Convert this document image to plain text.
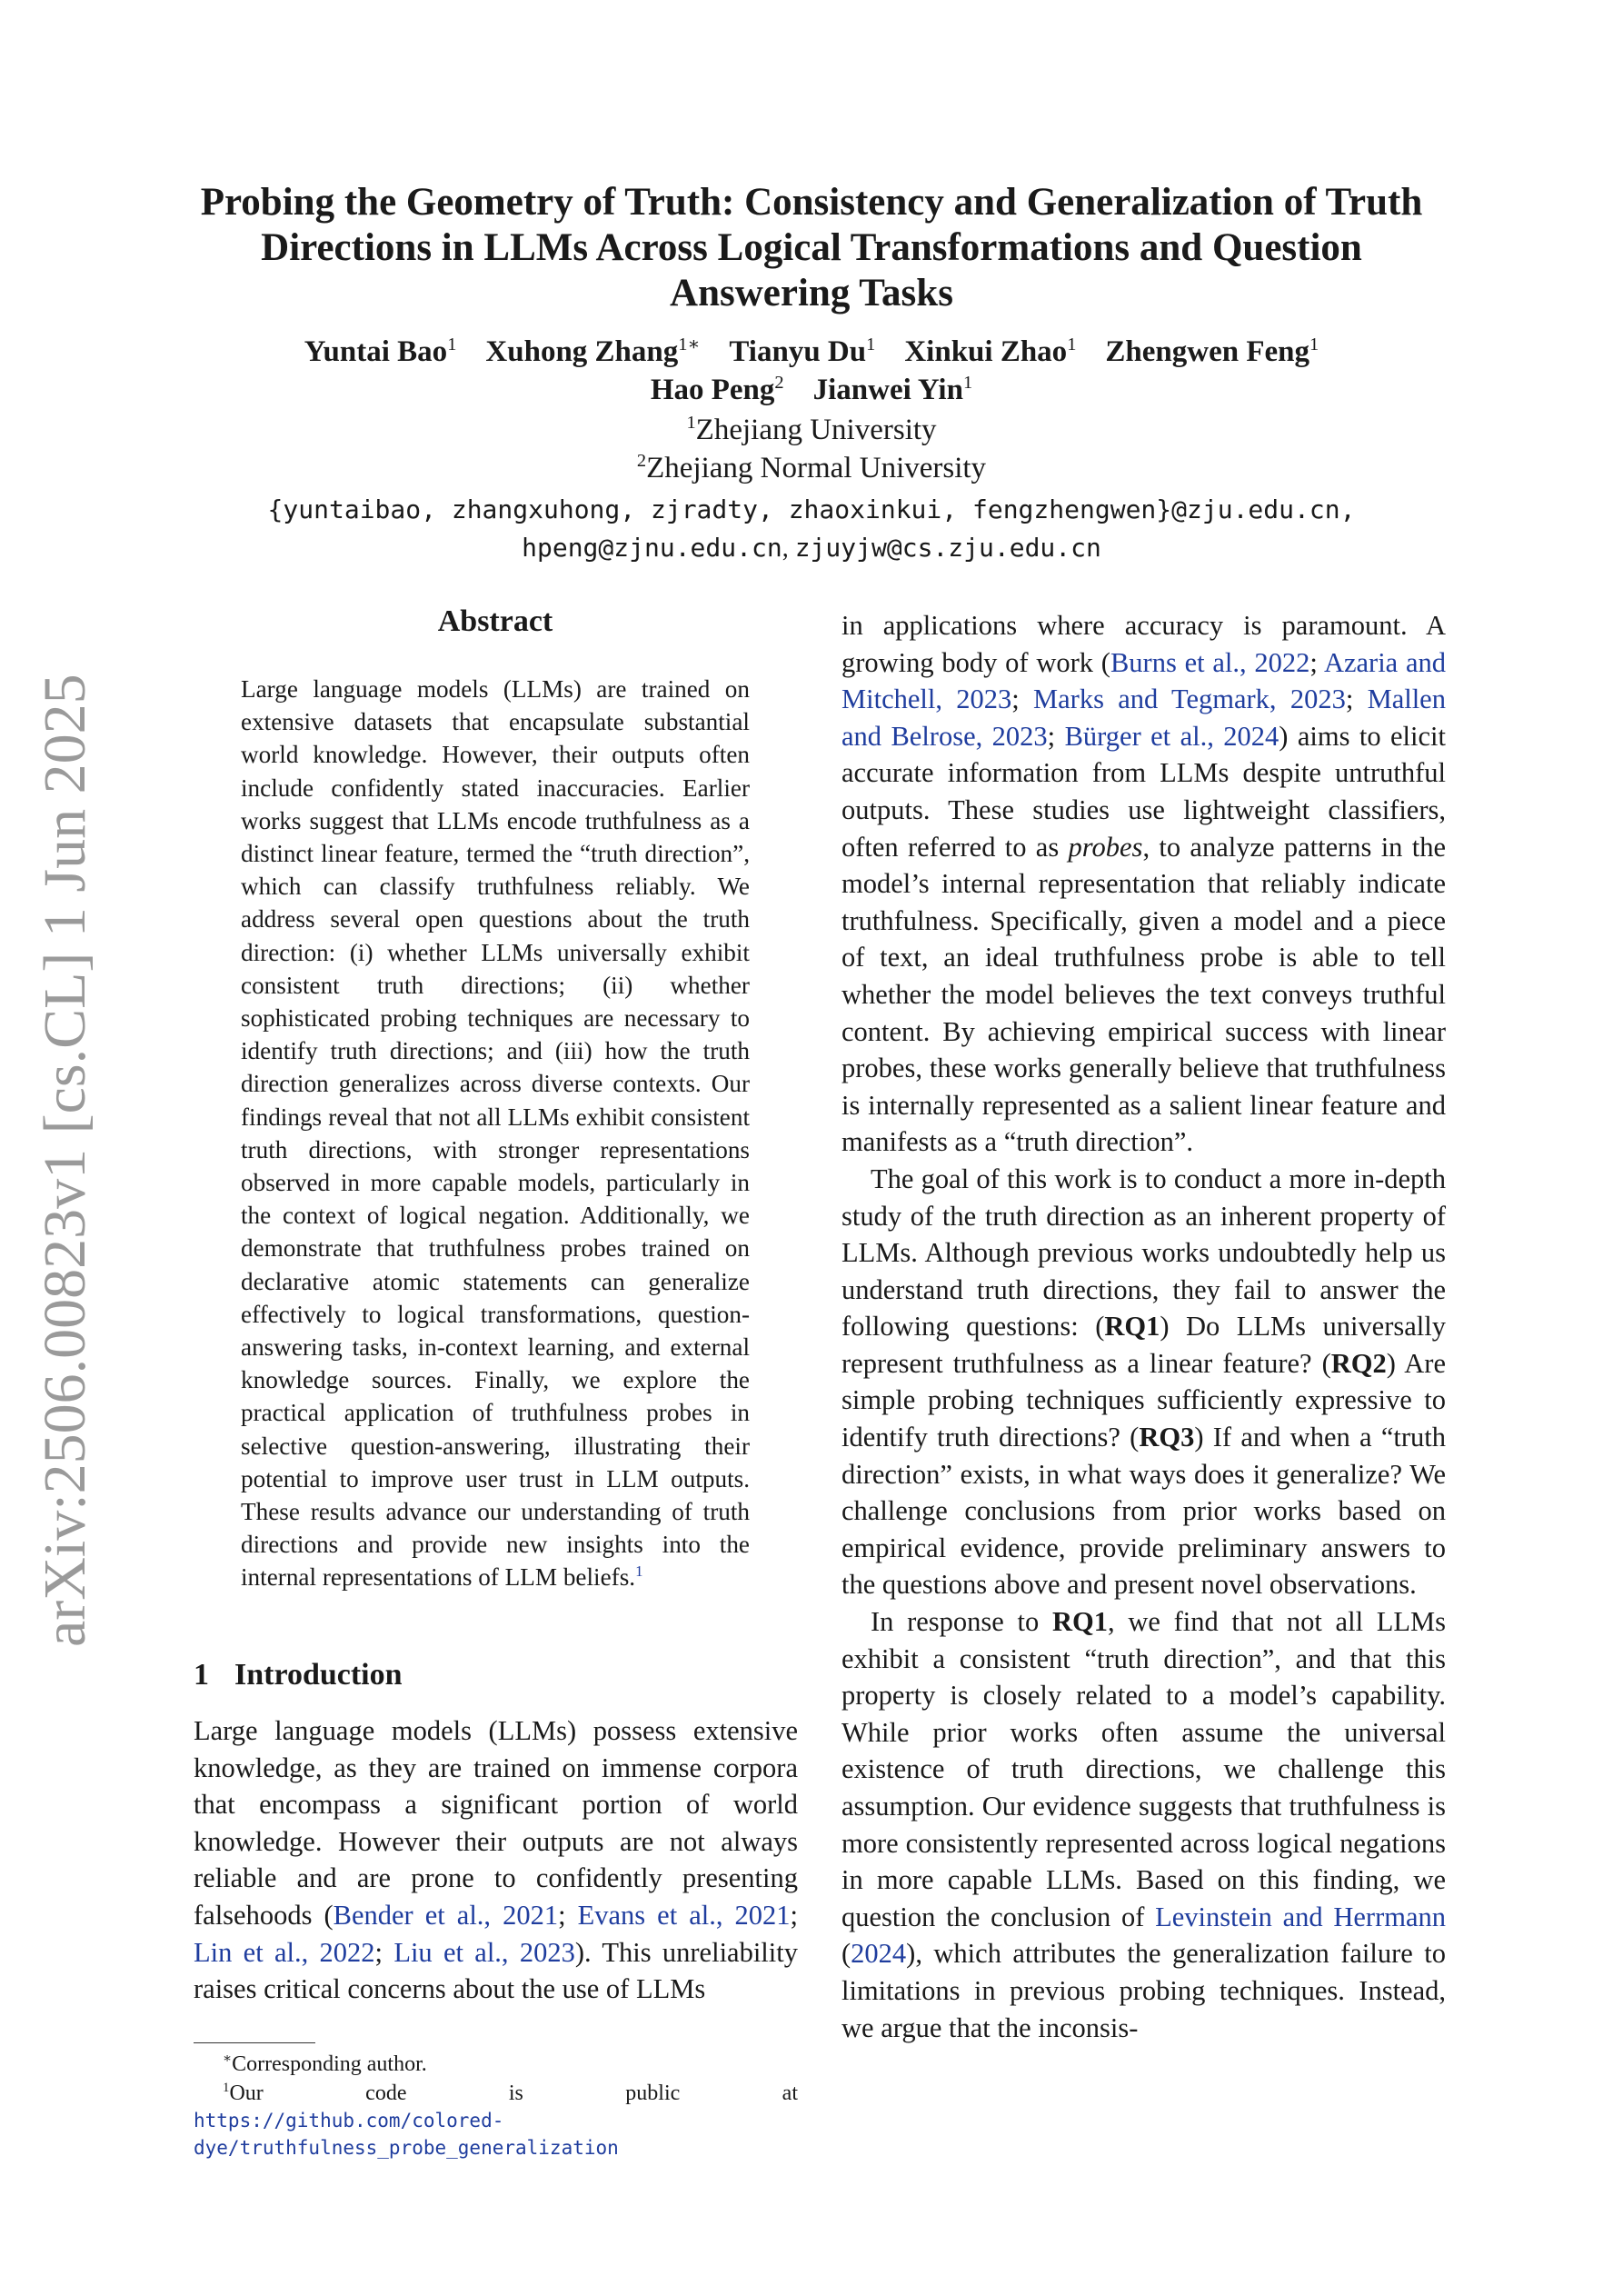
arXiv:2506.00823v1 [cs.CL] 1 Jun 2025
Probing the Geometry of Truth: Consistency and Generalization of Truth Directions in LLMs Across Logical Transformations and Question Answering Tasks
Yuntai Bao$^1$ Xuhong Zhang$^{1∗}$ Tianyu Du$^1$ Xinkui Zhao$^1$ Zhengwen Feng$^1$
Hao Peng$^2$ Jianwei Yin$^1$
$^1$Zhejiang University
$^2$Zhejiang Normal University
{yuntaibao, zhangxuhong, zjradty, zhaoxinkui, fengzhengwen}@zju.edu.cn,
hpeng@zjnu.edu.cn, zjuyjw@cs.zju.edu.cn
Abstract
Large language models (LLMs) are trained on extensive datasets that encapsulate substantial world knowledge. However, their outputs often include confidently stated inaccuracies. Earlier works suggest that LLMs encode truthfulness as a distinct linear feature, termed the “truth direction”, which can classify truthfulness reliably. We address several open questions about the truth direction: (i) whether LLMs universally exhibit consistent truth directions; (ii) whether sophisticated probing techniques are necessary to identify truth directions; and (iii) how the truth direction generalizes across diverse contexts. Our findings reveal that not all LLMs exhibit consistent truth directions, with stronger representations observed in more capable models, particularly in the context of logical negation. Additionally, we demonstrate that truthfulness probes trained on declarative atomic statements can generalize effectively to logical transformations, question-answering tasks, in-context learning, and external knowledge sources. Finally, we explore the practical application of truthfulness probes in selective question-answering, illustrating their potential to improve user trust in LLM outputs. These results advance our understanding of truth directions and provide new insights into the internal representations of LLM beliefs.$^1$
1 Introduction
Large language models (LLMs) possess extensive knowledge, as they are trained on immense corpora that encompass a significant portion of world knowledge. However their outputs are not always reliable and are prone to confidently presenting falsehoods (Bender et al., 2021; Evans et al., 2021; Lin et al., 2022; Liu et al., 2023). This unreliability raises critical concerns about the use of LLMs
∗Corresponding author.
$^1$Our code is public at https://github.com/colored-dye/truthfulness_probe_generalization

in applications where accuracy is paramount. A growing body of work (Burns et al., 2022; Azaria and Mitchell, 2023; Marks and Tegmark, 2023; Mallen and Belrose, 2023; Bürger et al., 2024) aims to elicit accurate information from LLMs despite untruthful outputs. These studies use lightweight classifiers, often referred to as probes, to analyze patterns in the model’s internal representation that reliably indicate truthfulness. Specifically, given a model and a piece of text, an ideal truthfulness probe is able to tell whether the model believes the text conveys truthful content. By achieving empirical success with linear probes, these works generally believe that truthfulness is internally represented as a salient linear feature and manifests as a “truth direction”.

The goal of this work is to conduct a more in-depth study of the truth direction as an inherent property of LLMs. Although previous works undoubtedly help us understand truth directions, they fail to answer the following questions: (RQ1) Do LLMs universally represent truthfulness as a linear feature? (RQ2) Are simple probing techniques sufficiently expressive to identify truth directions? (RQ3) If and when a “truth direction” exists, in what ways does it generalize? We challenge conclusions from prior works based on empirical evidence, provide preliminary answers to the questions above and present novel observations.

In response to RQ1, we find that not all LLMs exhibit a consistent “truth direction”, and that this property is closely related to a model’s capability. While prior works often assume the universal existence of truth directions, we challenge this assumption. Our evidence suggests that truthfulness is more consistently represented across logical negations in more capable LLMs. Based on this finding, we question the conclusion of Levinstein and Herrmann (2024), which attributes the generalization failure to limitations in previous probing techniques. Instead, we argue that the inconsis-
